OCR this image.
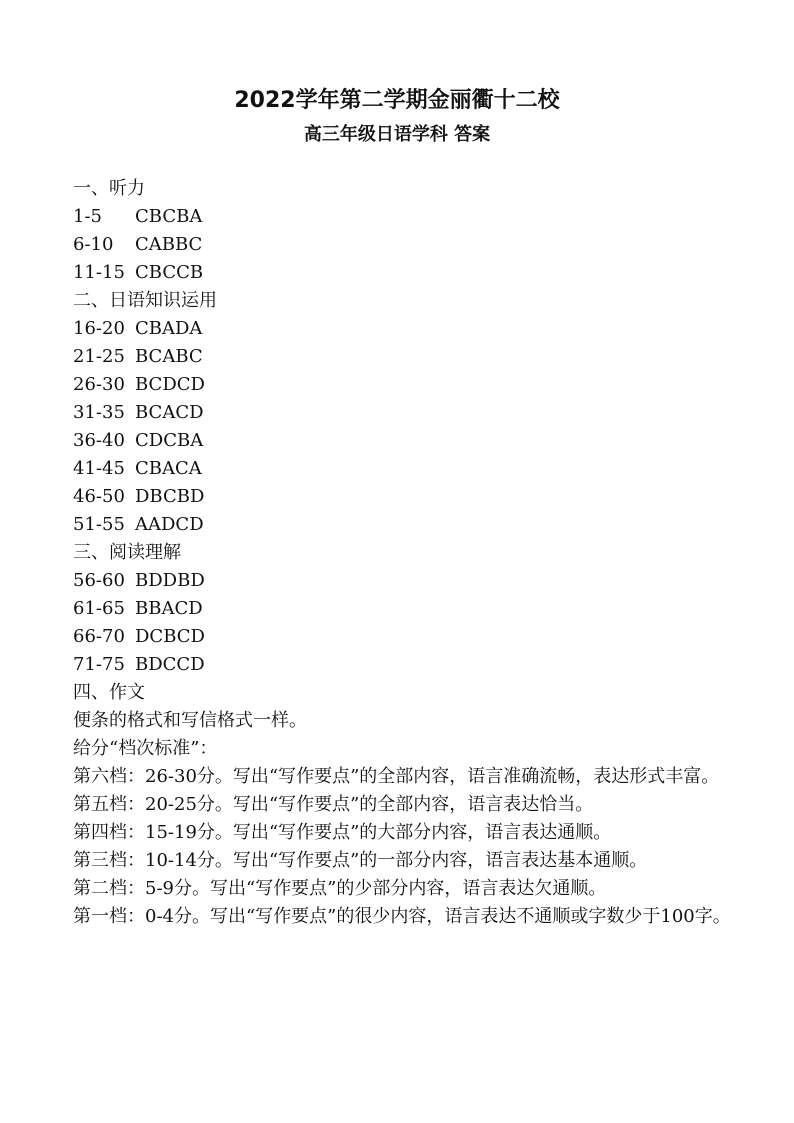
2022学年第二学期金丽衢十二校
高三年级日语学科 答案
一、听力
1-5	CBCBA
6-10	CABBC
11-15 CBCCB
二、日语知识运用
16-20 CBADA
21-25 BCABC
26-30 BCDCD
31-35 BCACD
36-40 CDCBA
41-45 CBACA
46-50 DBCBD
51-55 AADCD
三、阅读理解
56-60 BDDBD
61-65 BBACD
66-70 DCBCD
71-75 BDCCD
四、作文
便条的格式和写信格式一样。
给分“档次标准”：
第六档：26-30分。写出“写作要点”的全部内容，语言准确流畅，表达形式丰富。
第五档：20-25分。写出“写作要点”的全部内容，语言表达恰当。
第四档：15-19分。写出“写作要点”的大部分内容，语言表达通顺。
第三档：10-14分。写出“写作要点”的一部分内容，语言表达基本通顺。
第二档：5-9分。写出“写作要点”的少部分内容，语言表达欠通顺。
第一档：0-4分。写出“写作要点”的很少内容，语言表达不通顺或字数少于100字。
